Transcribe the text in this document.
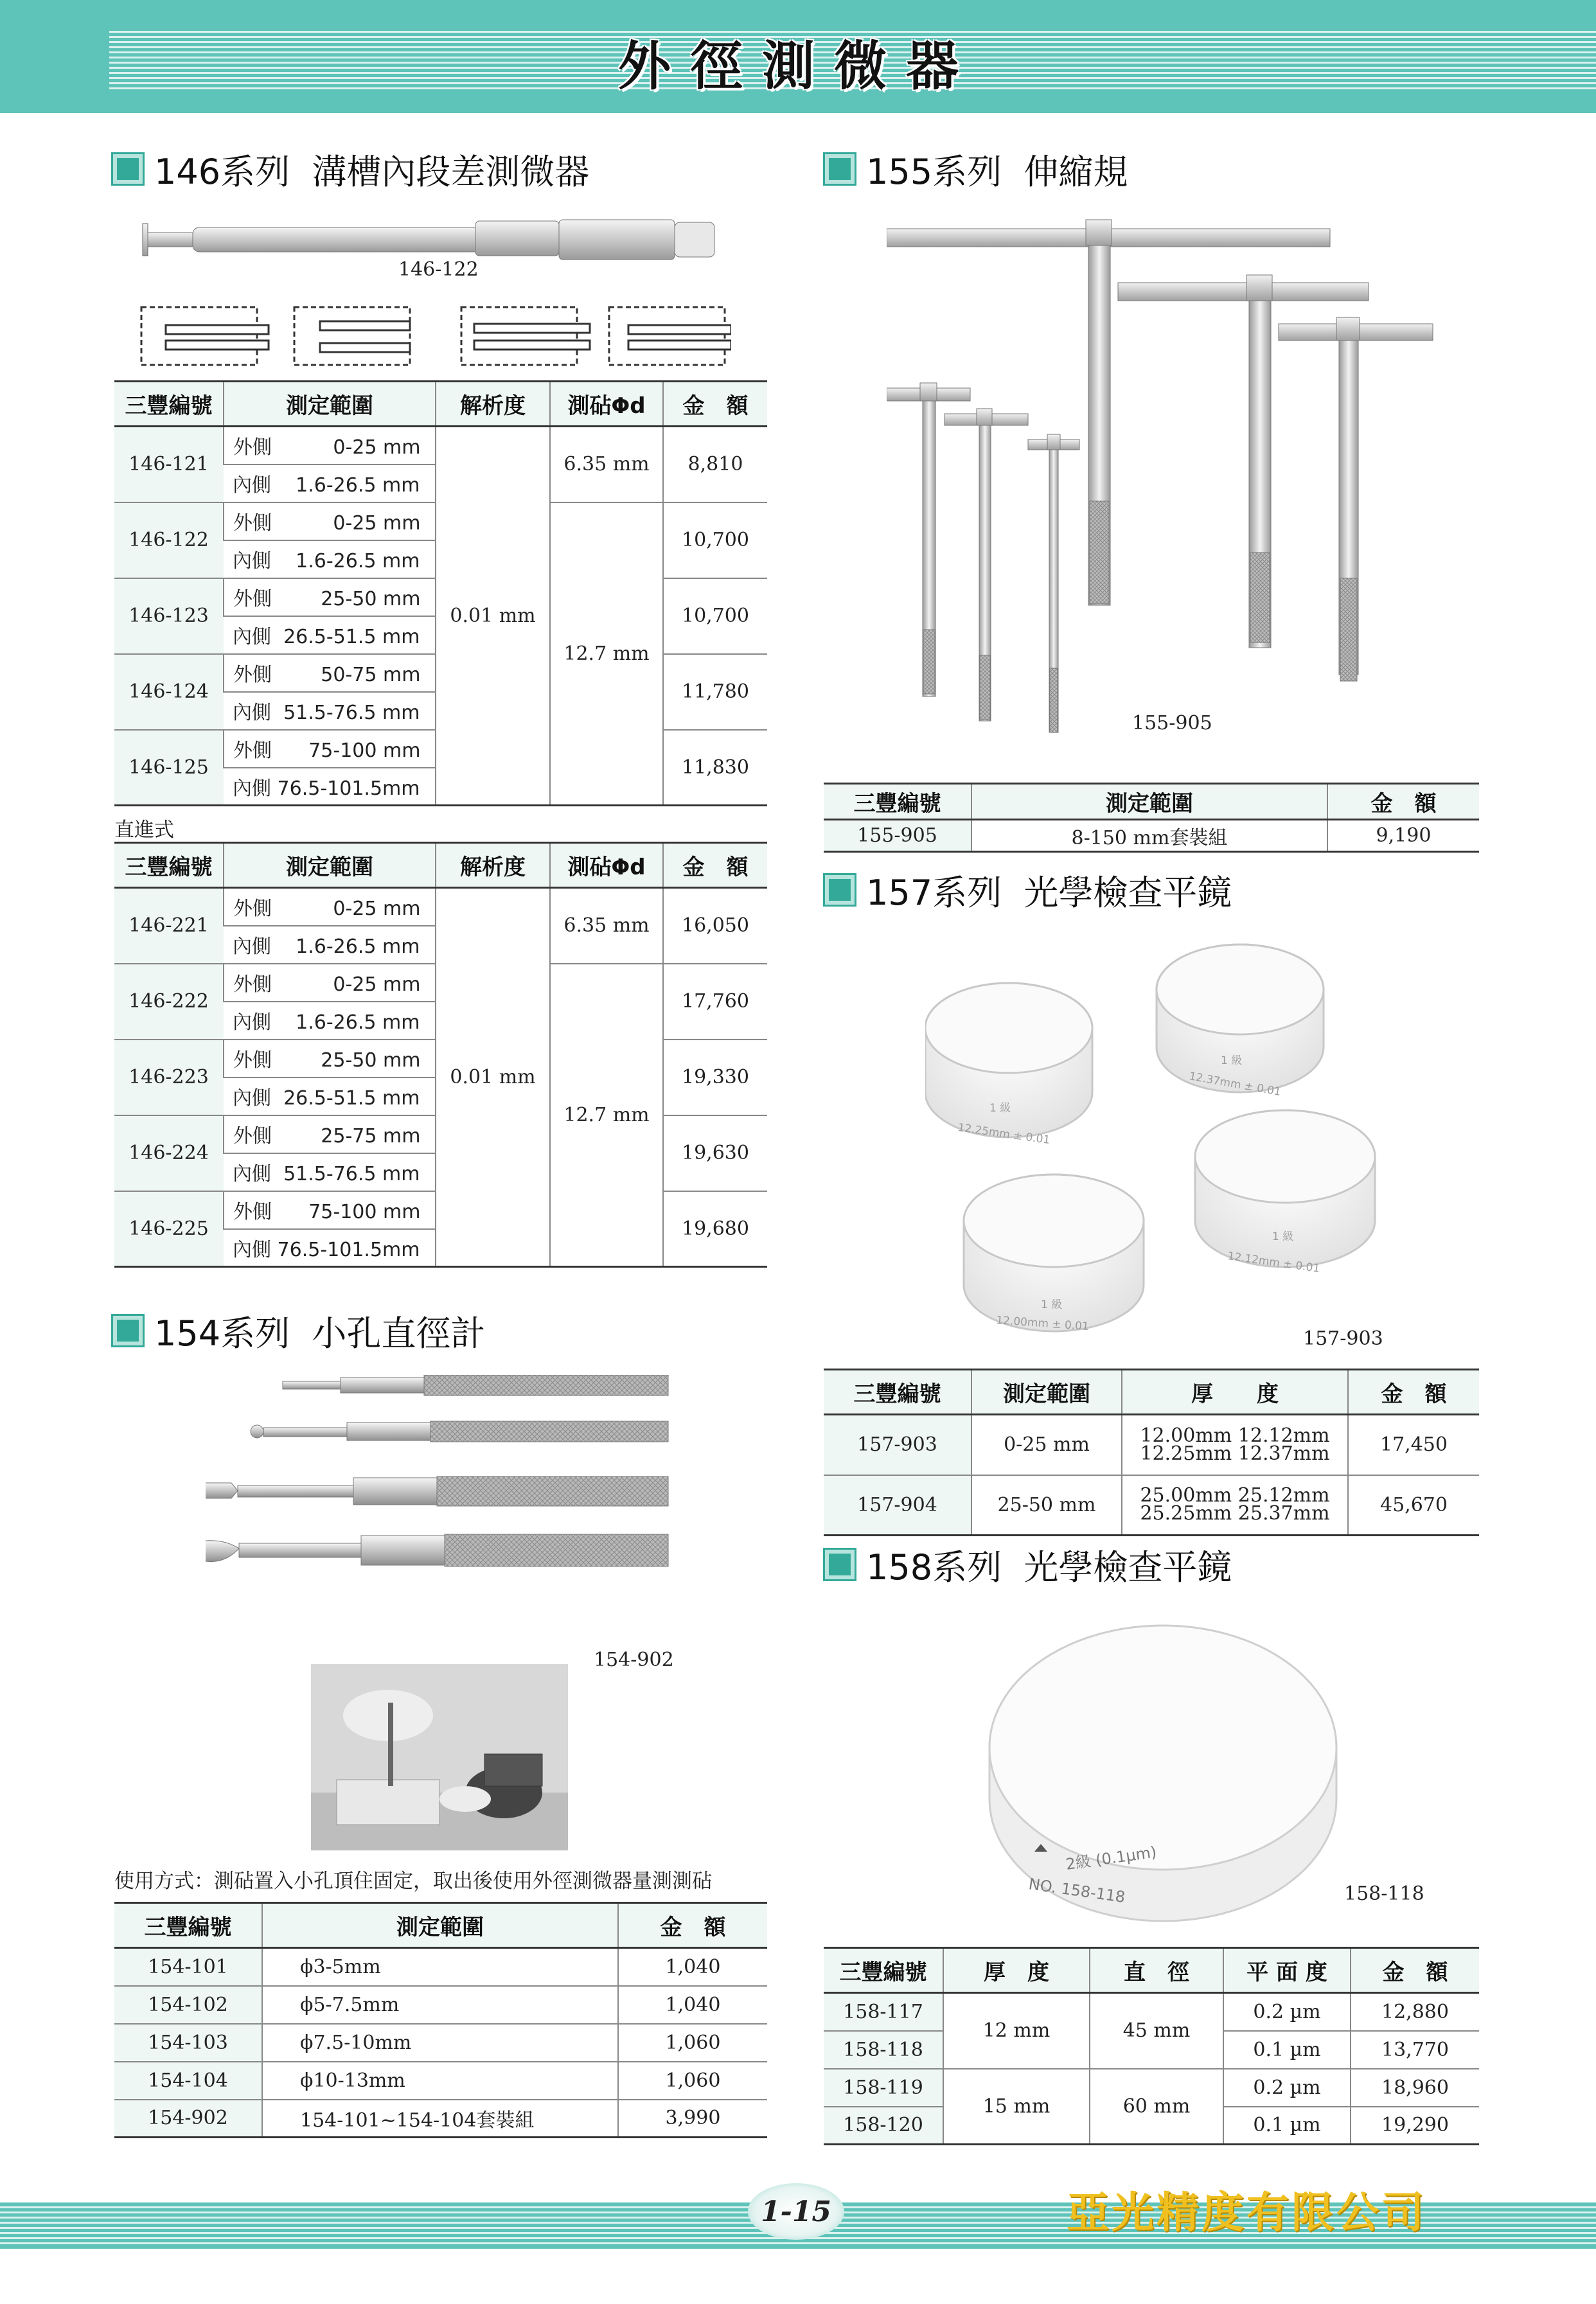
外徑測微器
146系列  溝槽內段差測微器
146-122
三豐編號	測定範圍	解析度	測砧Φd	金　額
146-121	外側          0-25 mm	0.01 mm	6.35 mm	8,810
	內側    1.6-26.5 mm			
146-122	外側          0-25 mm		12.7 mm	10,700
	內側    1.6-26.5 mm			
146-123	外側        25-50 mm			10,700
	內側  26.5-51.5 mm			
146-124	外側        50-75 mm			11,780
	內側  51.5-76.5 mm			
146-125	外側      75-100 mm			11,830
	內側 76.5-101.5mm			
直進式
三豐編號	測定範圍	解析度	測砧Φd	金　額
146-221	外側          0-25 mm	0.01 mm	6.35 mm	16,050
	內側    1.6-26.5 mm			
146-222	外側          0-25 mm		12.7 mm	17,760
	內側    1.6-26.5 mm			
146-223	外側        25-50 mm			19,330
	內側  26.5-51.5 mm			
146-224	外側        25-75 mm			19,630
	內側  51.5-76.5 mm			
146-225	外側      75-100 mm			19,680
	內側 76.5-101.5mm			
154系列  小孔直徑計
154-902
使用方式：測砧置入小孔頂住固定，取出後使用外徑測微器量測測砧
三豐編號	測定範圍	金　額
154-101	ϕ3-5mm	1,040
154-102	ϕ5-7.5mm	1,040
154-103	ϕ7.5-10mm	1,060
154-104	ϕ10-13mm	1,060
154-902	154-101~154-104套裝組	3,990
155系列  伸縮規
155-905
三豐編號	測定範圍	金　額
155-905	8-150 mm套裝組	9,190
157系列  光學檢查平鏡
1 級
12.37mm ± 0.01
1 級
12.25mm ± 0.01
1 級
12.12mm ± 0.01
1 級
12.00mm ± 0.01
157-903
三豐編號	測定範圍	厚　　度	金　額
157-903	0-25 mm	12.00mm 12.12mm
12.25mm 12.37mm	17,450
157-904	25-50 mm	25.00mm 25.12mm
25.25mm 25.37mm	45,670
158系列  光學檢查平鏡
2級 (0.1μm)
NO. 158-118	158-118
三豐編號	厚　度	直　徑	平 面 度	金　額
158-117	12 mm	45 mm	0.2 µm	12,880
158-118			0.1 µm	13,770
158-119	15 mm	60 mm	0.2 µm	18,960
158-120			0.1 µm	19,290
1-15	亞光精度有限公司
